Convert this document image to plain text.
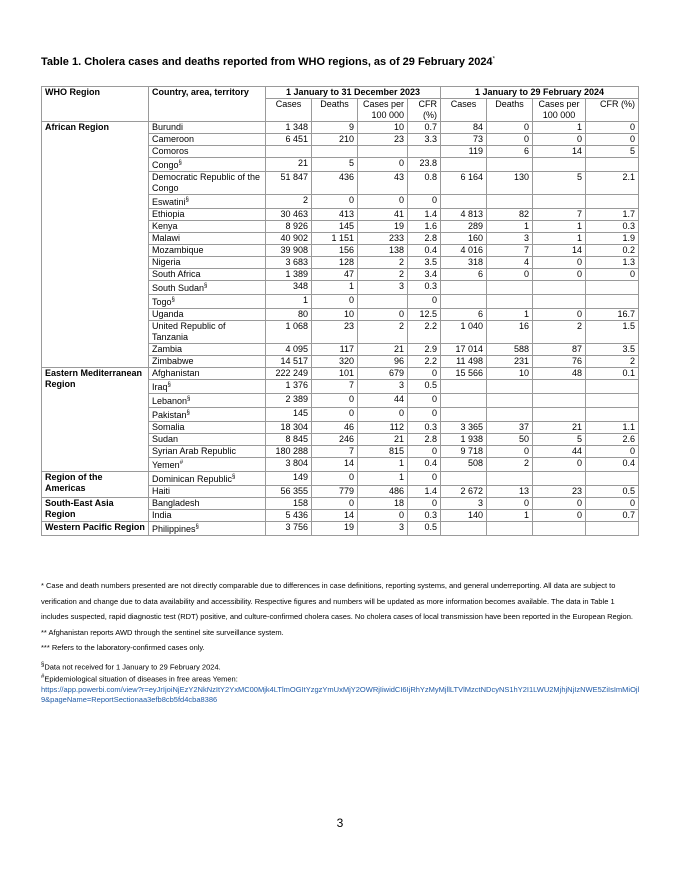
Table 1. Cholera cases and deaths reported from WHO regions, as of 29 February 2024*
WHO Region	Country, area, territory	1 January to 31 December 2023				1 January to 29 February 2024			
		Cases	Deaths	Cases per 100 000	CFR (%)	Cases	Deaths	Cases per 100 000	CFR (%)
African Region	Burundi	1 348	9	10	0.7	84	0	1	0
	Cameroon	6 451	210	23	3.3	73	0	0	0
	Comoros					119	6	14	5
	Congo§	21	5	0	23.8				
	Democratic Republic of the Congo	51 847	436	43	0.8	6 164	130	5	2.1
	Eswatini§	2	0	0	0				
	Ethiopia	30 463	413	41	1.4	4 813	82	7	1.7
	Kenya	8 926	145	19	1.6	289	1	1	0.3
	Malawi	40 902	1 151	233	2.8	160	3	1	1.9
	Mozambique	39 908	156	138	0.4	4 016	7	14	0.2
	Nigeria	3 683	128	2	3.5	318	4	0	1.3
	South Africa	1 389	47	2	3.4	6	0	0	0
	South Sudan§	348	1	3	0.3				
	Togo§	1	0		0				
	Uganda	80	10	0	12.5	6	1	0	16.7
	United Republic of Tanzania	1 068	23	2	2.2	1 040	16	2	1.5
	Zambia	4 095	117	21	2.9	17 014	588	87	3.5
	Zimbabwe	14 517	320	96	2.2	11 498	231	76	2
Eastern Mediterranean Region	Afghanistan	222 249	101	679	0	15 566	10	48	0.1
	Iraq§	1 376	7	3	0.5				
	Lebanon§	2 389	0	44	0				
	Pakistan§	145	0	0	0				
	Somalia	18 304	46	112	0.3	3 365	37	21	1.1
	Sudan	8 845	246	21	2.8	1 938	50	5	2.6
	Syrian Arab Republic	180 288	7	815	0	9 718	0	44	0
	Yemen#	3 804	14	1	0.4	508	2	0	0.4
Region of the Americas	Dominican Republic§	149	0	1	0				
	Haiti	56 355	779	486	1.4	2 672	13	23	0.5
South-East Asia Region	Bangladesh	158	0	18	0	3	0	0	0
	India	5 436	14	0	0.3	140	1	0	0.7
Western Pacific Region	Philippines§	3 756	19	3	0.5				

* Case and death numbers presented are not directly comparable due to differences in case definitions, reporting systems, and general underreporting. All data are subject to verification and change due to data availability and accessibility. Respective figures and numbers will be updated as more information becomes available. The data in Table 1 includes suspected, rapid diagnostic test (RDT) positive, and culture-confirmed cholera cases. No cholera cases of local transmission have been reported in the European Region.

** Afghanistan reports AWD through the sentinel site surveillance system.

*** Refers to the laboratory-confirmed cases only.

§Data not received for 1 January to 29 February 2024.

#Epidemiological situation of diseases in free areas Yemen:

https://app.powerbi.com/view?r=eyJrIjoiNjEzY2NkNzItY2YxMC00Mjk4LTlmOGItYzgzYmUxMjY2OWRjIiwidCI6IjRhYzMyMjllLTVlMzctNDcyNS1hY2I1LWU2MjhjNjIzNWE5ZiIsImMiOjl9&pageName=ReportSectionaa3efb8cb5fd4cba8386

3
